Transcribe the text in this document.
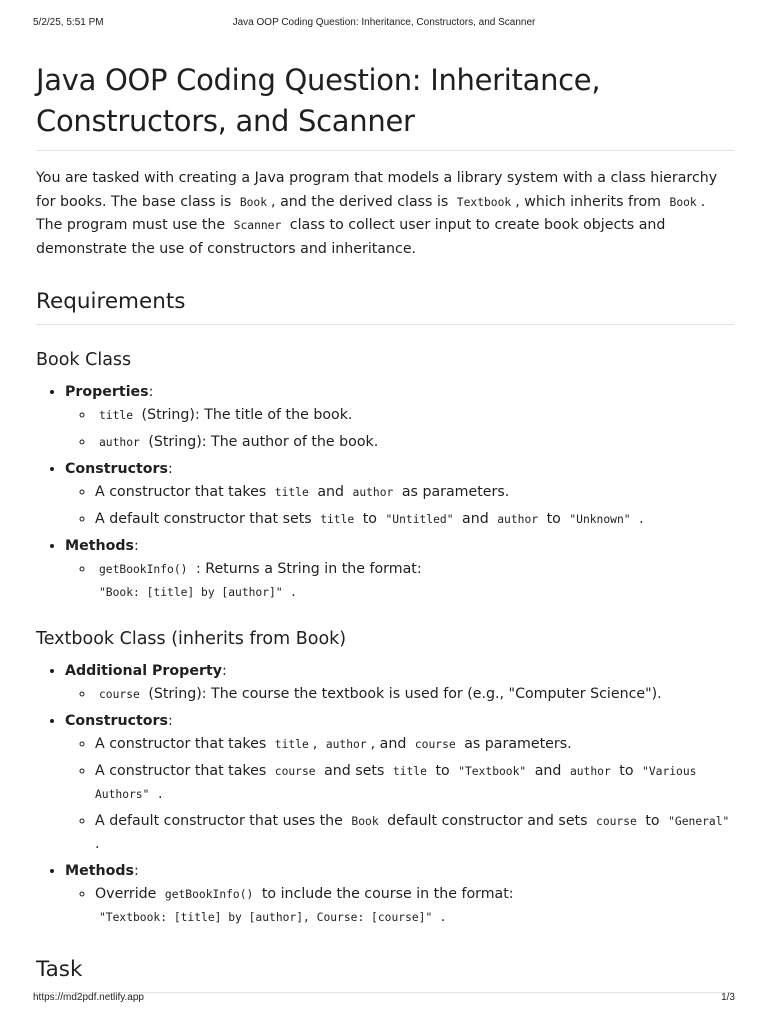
5/2/25, 5:51 PM	Java OOP Coding Question: Inheritance, Constructors, and Scanner
Java OOP Coding Question: Inheritance,
Constructors, and Scanner

You are tasked with creating a Java program that models a library system with a class hierarchy for books. The base class is Book , and the derived class is Textbook , which inherits from Book . The program must use the Scanner class to collect user input to create book objects and demonstrate the use of constructors and inheritance.

Requirements
Book Class
• Properties:
◦ title (String): The title of the book.
◦ author (String): The author of the book.
• Constructors:
◦ A constructor that takes title and author as parameters.
◦ A default constructor that sets title to "Untitled" and author to "Unknown" .
• Methods:
◦ getBookInfo() : Returns a String in the format:
"Book: [title] by [author]" .
Textbook Class (inherits from Book)
• Additional Property:
◦ course (String): The course the textbook is used for (e.g., "Computer Science").
• Constructors:
◦ A constructor that takes title , author , and course as parameters.
◦ A constructor that takes course and sets title to "Textbook" and author to "Various Authors" .
◦ A default constructor that uses the Book default constructor and sets course to "General" .
• Methods:
◦ Override getBookInfo() to include the course in the format:
"Textbook: [title] by [author], Course: [course]" .
Task
https://md2pdf.netlify.app	1/3
